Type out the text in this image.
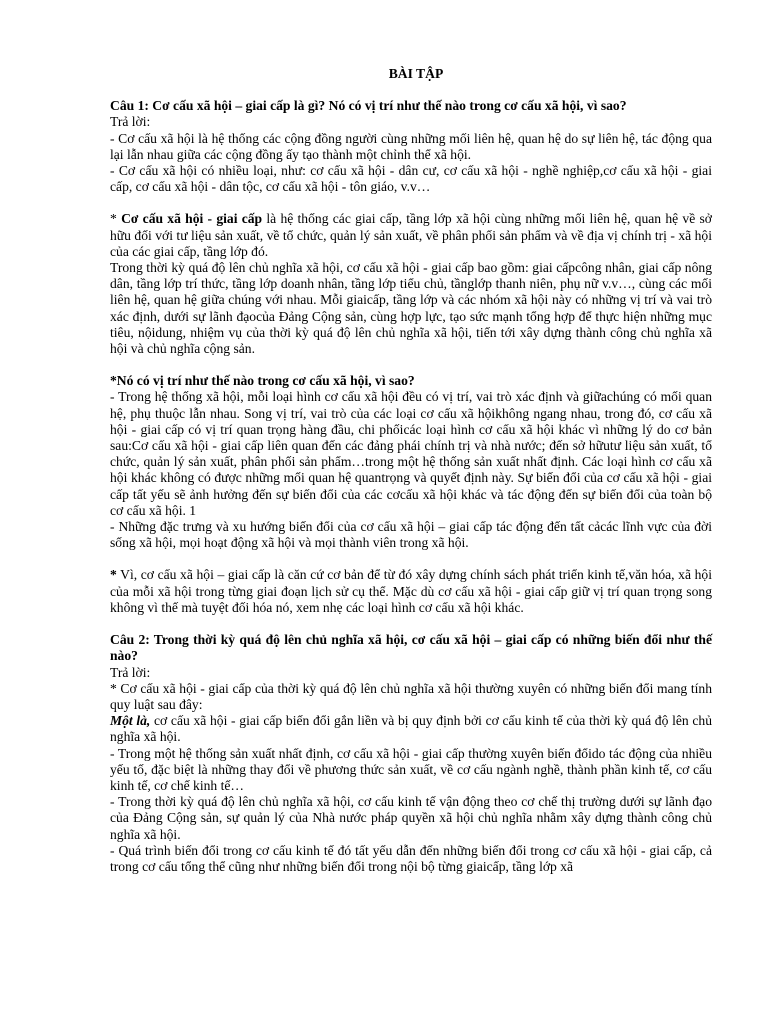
BÀI TẬP

Câu 1: Cơ cấu xã hội – giai cấp là gì? Nó có vị trí như thế nào trong cơ cấu xã hội, vì sao?

Trả lời:

- Cơ cấu xã hội là hệ thống các cộng đồng người cùng những mối liên hệ, quan hệ do sự liên hệ, tác động qua lại lẫn nhau giữa các cộng đồng ấy tạo thành một chỉnh thể xã hội.

- Cơ cấu xã hội có nhiều loại, như: cơ cấu xã hội - dân cư, cơ cấu xã hội - nghề nghiệp,cơ cấu xã hội - giai cấp, cơ cấu xã hội - dân tộc, cơ cấu xã hội - tôn giáo, v.v…

* Cơ cấu xã hội - giai cấp là hệ thống các giai cấp, tầng lớp xã hội cùng những mối liên hệ, quan hệ về sở hữu đối với tư liệu sản xuất, về tổ chức, quản lý sản xuất, về phân phối sản phẩm và về địa vị chính trị - xã hội của các giai cấp, tầng lớp đó.

Trong thời kỳ quá độ lên chủ nghĩa xã hội, cơ cấu xã hội - giai cấp bao gồm: giai cấpcông nhân, giai cấp nông dân, tầng lớp trí thức, tầng lớp doanh nhân, tầng lớp tiểu chủ, tầnglớp thanh niên, phụ nữ v.v…, cùng các mối liên hệ, quan hệ giữa chúng với nhau. Mỗi giaicấp, tầng lớp và các nhóm xã hội này có những vị trí và vai trò xác định, dưới sự lãnh đạocủa Đảng Cộng sản, cùng hợp lực, tạo sức mạnh tổng hợp để thực hiện những mục tiêu, nộidung, nhiệm vụ của thời kỳ quá độ lên chủ nghĩa xã hội, tiến tới xây dựng thành công chủ nghĩa xã hội và chủ nghĩa cộng sản.

*Nó có vị trí như thế nào trong cơ cấu xã hội, vì sao?

- Trong hệ thống xã hội, mỗi loại hình cơ cấu xã hội đều có vị trí, vai trò xác định và giữachúng có mối quan hệ, phụ thuộc lẫn nhau. Song vị trí, vai trò của các loại cơ cấu xã hộikhông ngang nhau, trong đó, cơ cấu xã hội - giai cấp có vị trí quan trọng hàng đầu, chi phốicác loại hình cơ cấu xã hội khác vì những lý do cơ bản sau:Cơ cấu xã hội - giai cấp liên quan đến các đảng phái chính trị và nhà nước; đến sở hữutư liệu sản xuất, tổ chức, quản lý sản xuất, phân phối sản phẩm…trong một hệ thống sản xuất nhất định. Các loại hình cơ cấu xã hội khác không có được những mối quan hệ quantrọng và quyết định này. Sự biến đổi của cơ cấu xã hội - giai cấp tất yếu sẽ ảnh hưởng đến sự biến đổi của các cơcấu xã hội khác và tác động đến sự biến đổi của toàn bộ cơ cấu xã hội. 1

- Những đặc trưng và xu hướng biến đổi của cơ cấu xã hội – giai cấp tác động đến tất cảcác lĩnh vực của đời sống xã hội, mọi hoạt động xã hội và mọi thành viên trong xã hội.

* Vì, cơ cấu xã hội – giai cấp là căn cứ cơ bản để từ đó xây dựng chính sách phát triển kinh tế,văn hóa, xã hội của mỗi xã hội trong từng giai đoạn lịch sử cụ thể. Mặc dù cơ cấu xã hội - giai cấp giữ vị trí quan trọng song không vì thế mà tuyệt đối hóa nó, xem nhẹ các loại hình cơ cấu xã hội khác.

Câu 2: Trong thời kỳ quá độ lên chủ nghĩa xã hội, cơ cấu xã hội – giai cấp có những biến đổi như thế nào?

Trả lời:

* Cơ cấu xã hội - giai cấp của thời kỳ quá độ lên chủ nghĩa xã hội thường xuyên có những biến đổi mang tính quy luật sau đây:

Một là, cơ cấu xã hội - giai cấp biến đổi gắn liền và bị quy định bởi cơ cấu kinh tế của thời kỳ quá độ lên chủ nghĩa xã hội.

- Trong một hệ thống sản xuất nhất định, cơ cấu xã hội - giai cấp thường xuyên biến đổido tác động của nhiều yếu tố, đặc biệt là những thay đổi về phương thức sản xuất, về cơ cấu ngành nghề, thành phần kinh tế, cơ cấu kinh tế, cơ chế kinh tế…

- Trong thời kỳ quá độ lên chủ nghĩa xã hội, cơ cấu kinh tế vận động theo cơ chế thị trường dưới sự lãnh đạo của Đảng Cộng sản, sự quản lý của Nhà nước pháp quyền xã hội chủ nghĩa nhằm xây dựng thành công chủ nghĩa xã hội.

- Quá trình biến đổi trong cơ cấu kinh tế đó tất yếu dẫn đến những biến đổi trong cơ cấu xã hội - giai cấp, cả trong cơ cấu tổng thể cũng như những biến đổi trong nội bộ từng giaicấp, tầng lớp xã
